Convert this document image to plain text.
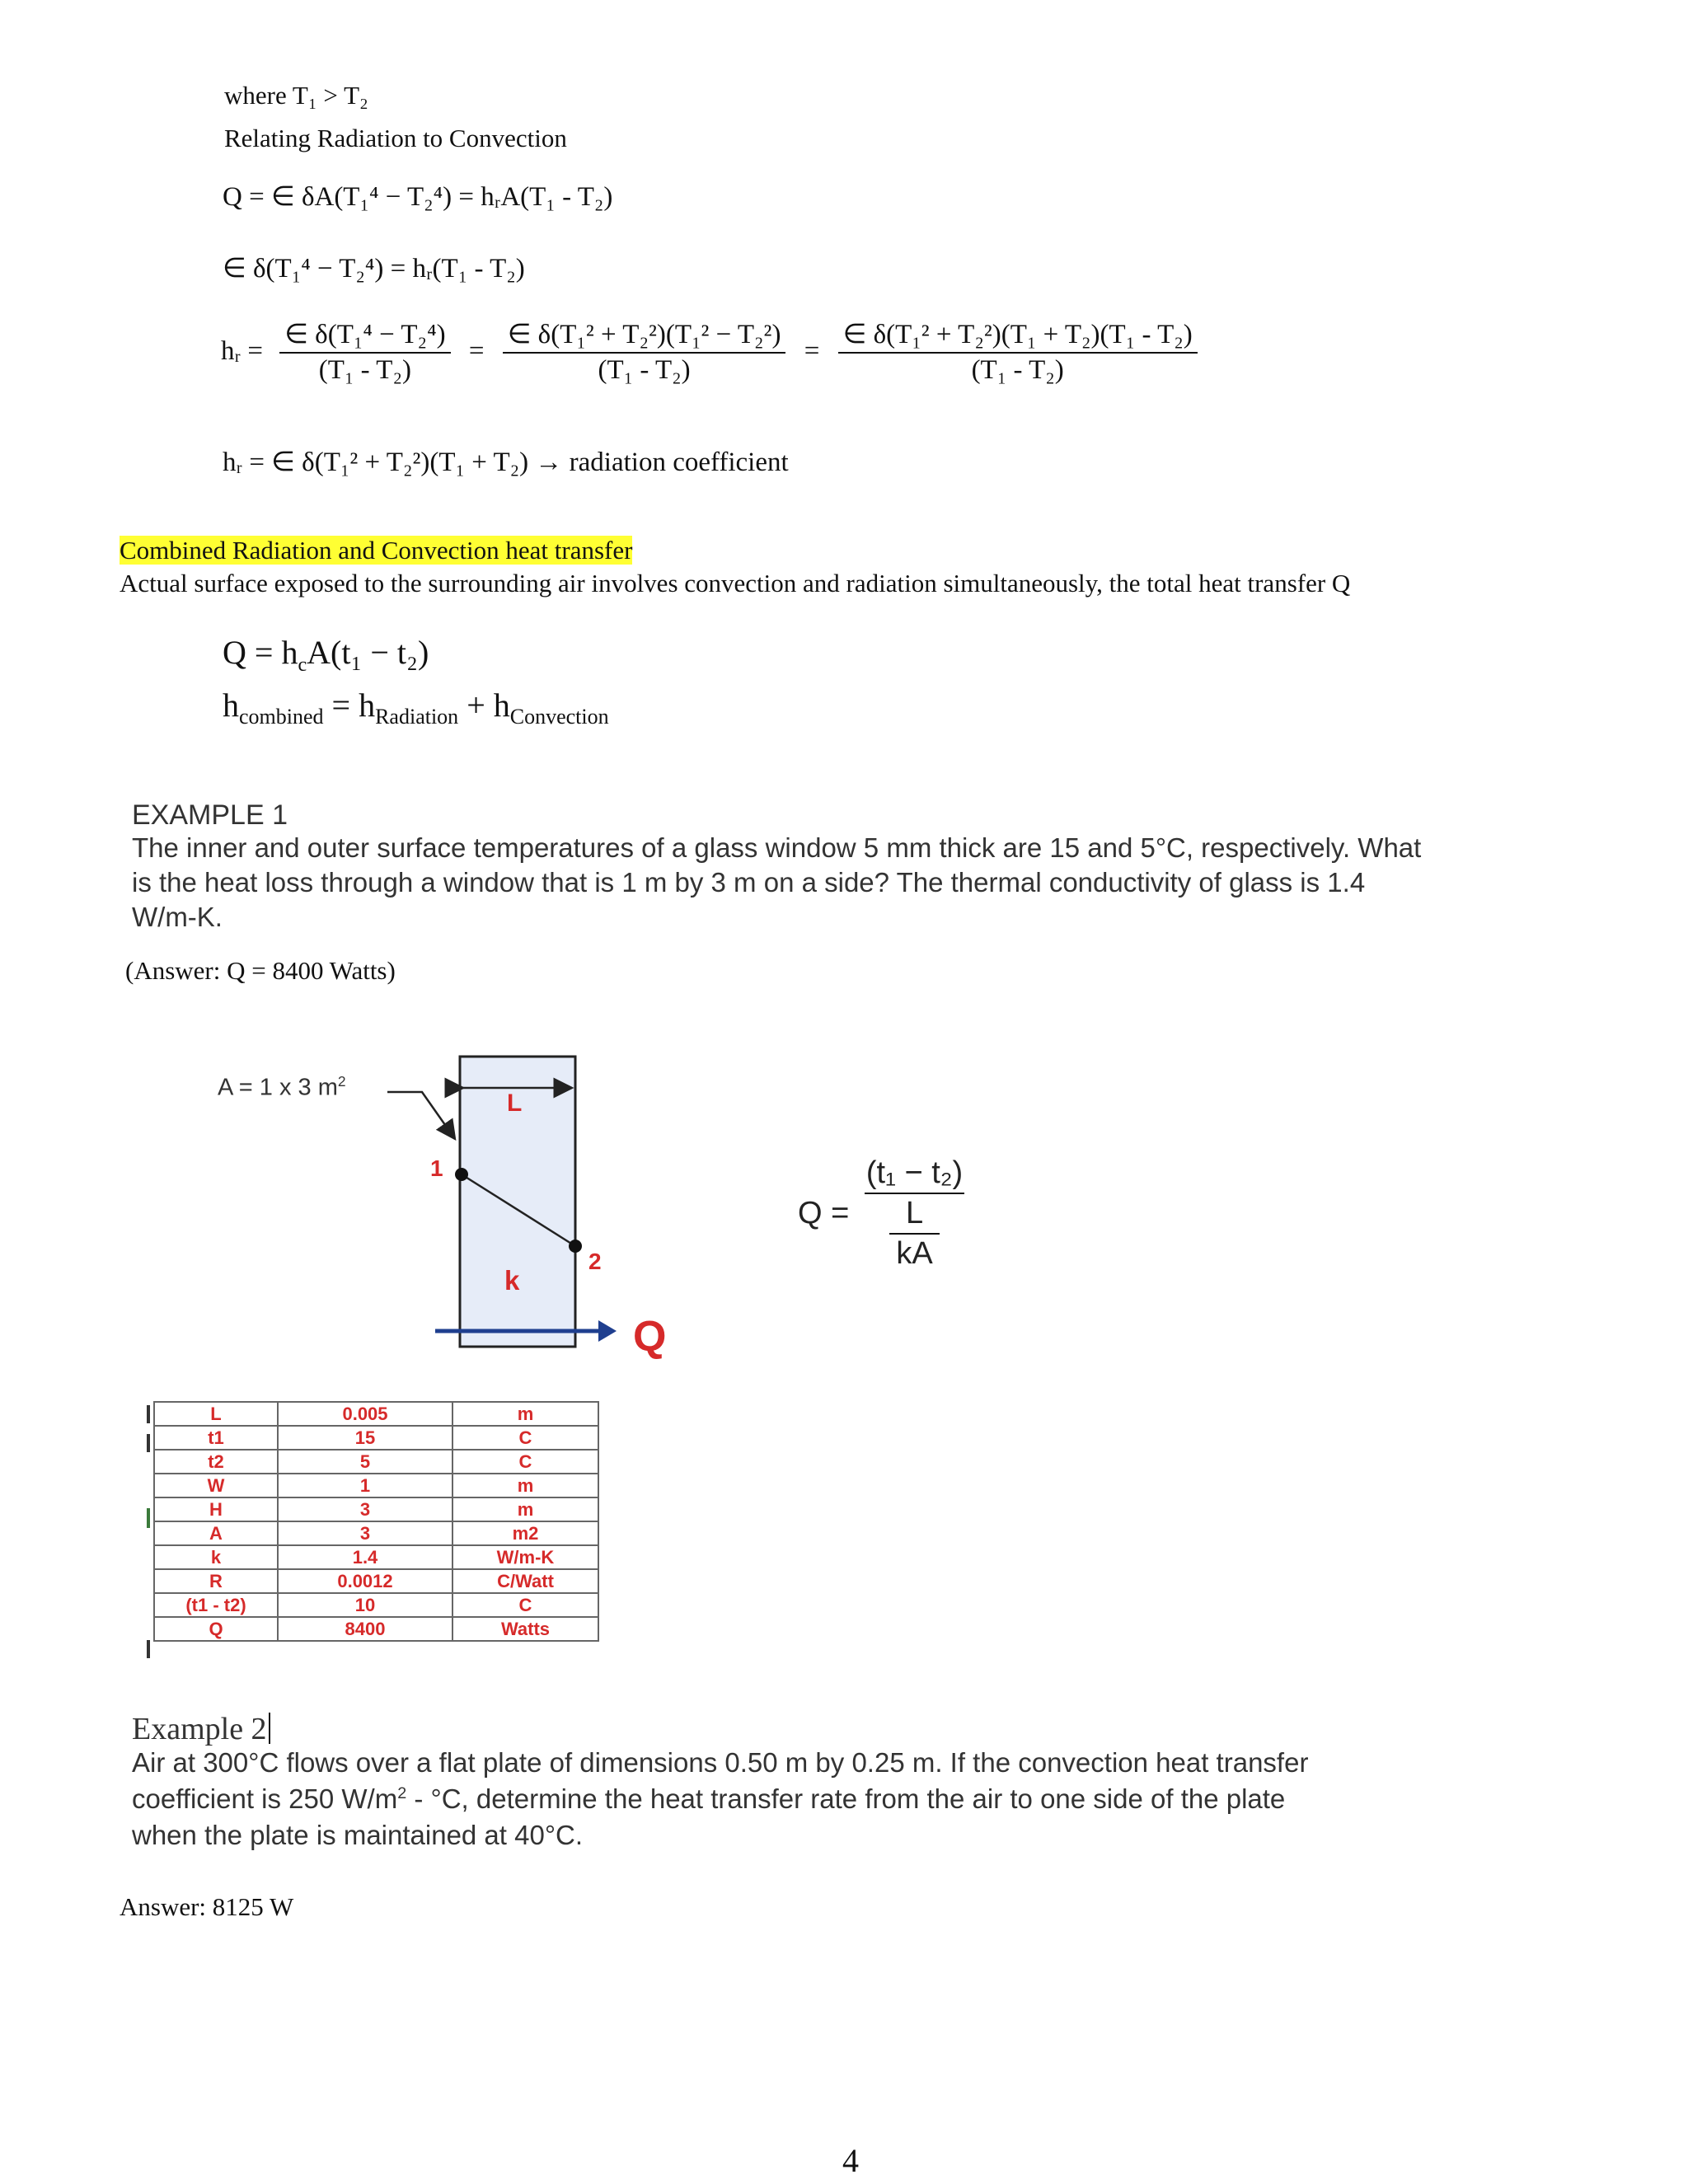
where T₁ > T₂
Relating Radiation to Convection
Q = ∈ δA(T₁⁴ − T₂⁴) = hᵣA(T₁ - T₂)
∈ δ(T₁⁴ − T₂⁴) = hᵣ(T₁ - T₂)
hᵣ = $\frac{\text{∈ δ(T₁⁴ − T₂⁴)}}{\text{(T₁ - T₂)}} = \frac{\text{∈ δ(T₁² + T₂²)(T₁² − T₂²)}}{\text{(T₁ - T₂)}} = \frac{\text{∈ δ(T₁² + T₂²)(T₁ + T₂)(T₁ - T₂)}}{\text{(T₁ - T₂)}}$
hᵣ = ∈ δ(T₁² + T₂²)(T₁ + T₂) → radiation coefficient
Combined Radiation and Convection heat transfer
Actual surface exposed to the surrounding air involves convection and radiation simultaneously, the total heat transfer Q
$Q = h_cA(t_1 - t_2)$
$h_{combined} = h_{Radiation} + h_{Convection}$
EXAMPLE 1
The inner and outer surface temperatures of a glass window 5 mm thick are 15 and 5°C, respectively. What
is the heat loss through a window that is 1 m by 3 m on a side? The thermal conductivity of glass is 1.4
W/m-K.
(Answer: Q = 8400 Watts)
A = 1 x 3 $m^2$
L
1
2
k
Q
$Q = \frac{\text{(t₁ − t₂)}}{\frac{L}{kA}}$
L	0.005	m
t1	15	C
t2	5	C
W	1	m
H	3	m
A	3	m2
k	1.4	W/m-K
R	0.0012	C/Watt
(t1 - t2)	10	C
Q	8400	Watts
Example 2
Air at 300°C flows over a flat plate of dimensions 0.50 m by 0.25 m. If the convection heat transfer
coefficient is 250 $W/m^2 - ^\circ C$, determine the heat transfer rate from the air to one side of the plate
when the plate is maintained at 40°C.
Answer: 8125 W
4
